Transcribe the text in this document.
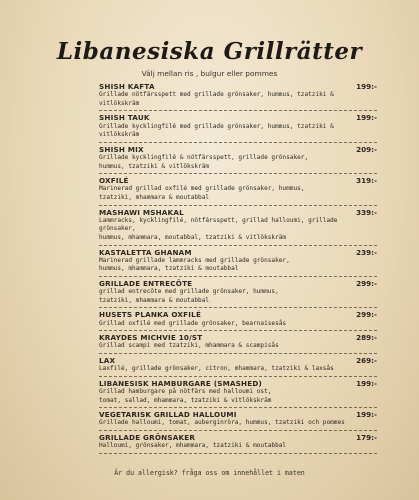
Libanesiska Grillrätter
Välj mellan ris , bulgur eller pommes
SHISH KAFTA	199:-
Grillade nötfärsspett med grillade grönsaker, hummus, tzatziki & vitlökskräm
SHISH TAUK	199:-
Grillade kycklingfilé med grillade grönsaker, hummus, tzatziki & vitlökskräm
SHISH MIX	209:-
Grillade kycklingfilé & nötfärsspett, grillade grönsaker,
hummus, tzatziki & vitlökskräm
OXFILÉ	319:-
Marinerad grillad oxfilé med grillade grönsaker, hummus,
tzatziki, mhammara & moutabbal
MASHAWI MSHAKAL	339:-
Lammracks, kycklingfilé, nötfärsspett, grillad halloumi, grillade grönsaker,
hummus, mhammara, moutabbal, tzatziki & vitlökskräm
KASTALETTA GHANAM	239:-
Marinerad grillade lammracks med grillade grönsaker,
hummus, mhammara, tzatziki & moutabbal
GRILLADE ENTRECÔTE	299:-
grillad entrecôte med grillade grönsaker, hummus,
tzatziki, mhammara & moutabbal
HUSETS PLANKA OXFILÉ	299:-
Grillad oxfilé med grillade grönsaker, bearnaisesås
KRAYDES MICHVIE 10/ST	289:-
Grillad scampi med tzatziki, mhammara & scampisås
LAX	269:-
Laxfilé, grillade grönsaker, citron, mhammara, tzatziki & laxsås
LIBANESISK HAMBURGARE (SMASHED)	199:-
Grillad hamburgare på nötfärs med halloumi ost,
tomat, sallad, mhammara, tzatziki & vitlökskräm
VEGETARISK GRILLAD HALLOUMI	199:-
Grillade halloumi, tomat, auberginröra, hummus, tzatziki och pommes
GRILLADE GRÖNSAKER	179:-
Halloumi, grönsaker, mhammara, tzatziki & moutabbal
Är du allergisk? fråga oss om innehållet i maten
